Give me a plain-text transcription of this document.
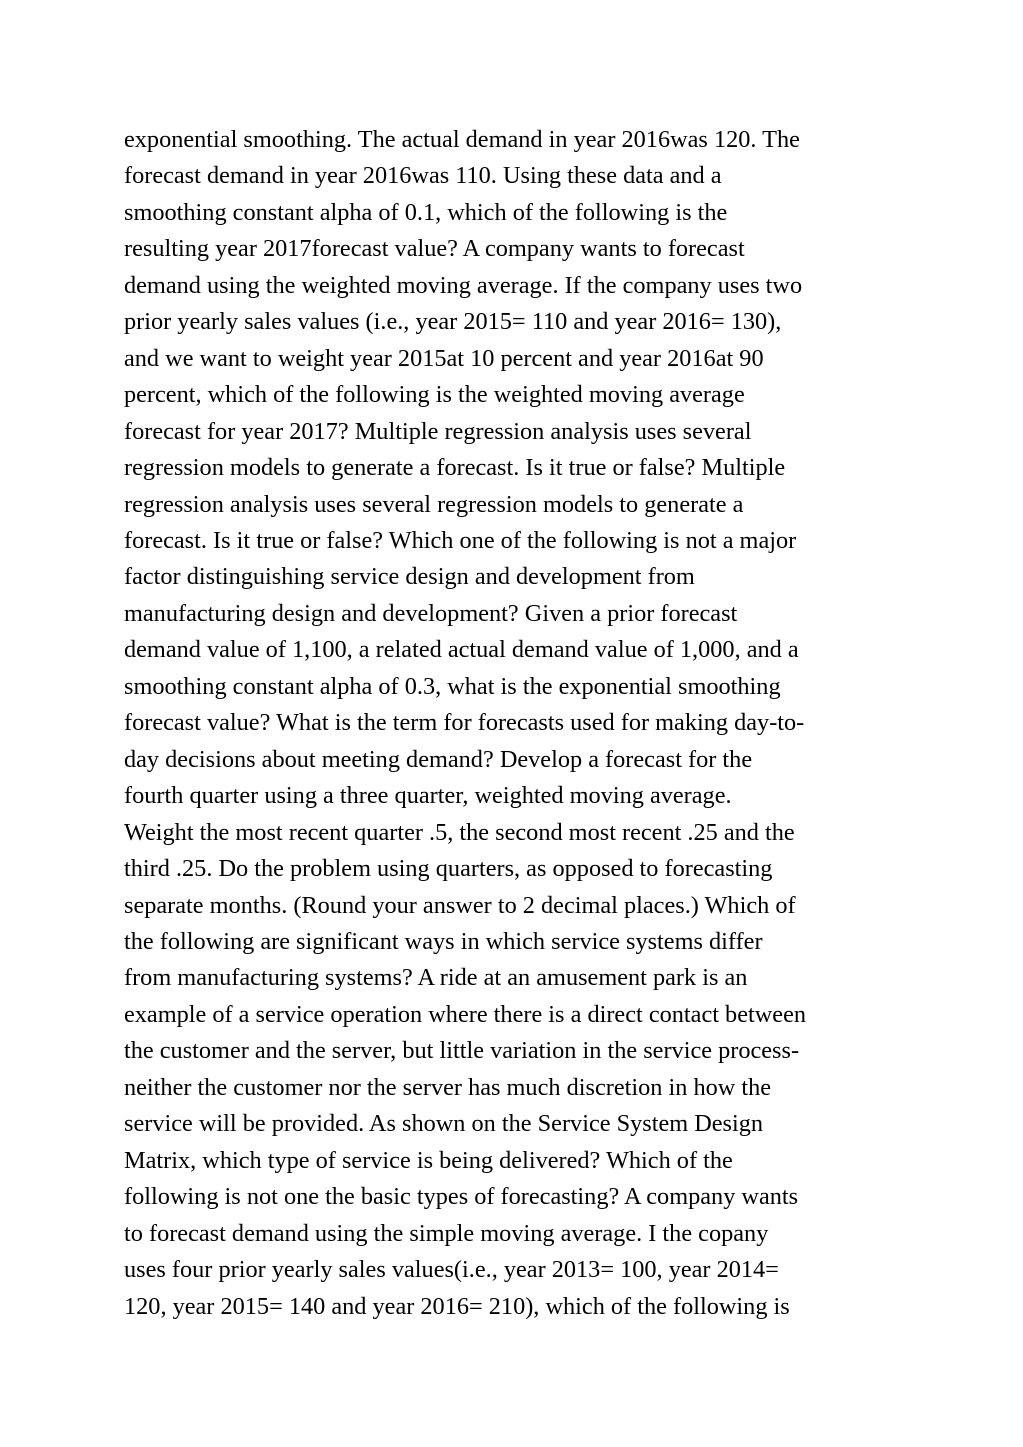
exponential smoothing. The actual demand in year 2016was 120. The
forecast demand in year 2016was 110. Using these data and a
smoothing constant alpha of 0.1, which of the following is the
resulting year 2017forecast value? A company wants to forecast
demand using the weighted moving average. If the company uses two
prior yearly sales values (i.e., year 2015= 110 and year 2016= 130),
and we want to weight year 2015at 10 percent and year 2016at 90
percent, which of the following is the weighted moving average
forecast for year 2017? Multiple regression analysis uses several
regression models to generate a forecast. Is it true or false? Multiple
regression analysis uses several regression models to generate a
forecast. Is it true or false? Which one of the following is not a major
factor distinguishing service design and development from
manufacturing design and development? Given a prior forecast
demand value of 1,100, a related actual demand value of 1,000, and a
smoothing constant alpha of 0.3, what is the exponential smoothing
forecast value? What is the term for forecasts used for making day-to-
day decisions about meeting demand? Develop a forecast for the
fourth quarter using a three quarter, weighted moving average.
Weight the most recent quarter .5, the second most recent .25 and the
third .25. Do the problem using quarters, as opposed to forecasting
separate months. (Round your answer to 2 decimal places.) Which of
the following are significant ways in which service systems differ
from manufacturing systems? A ride at an amusement park is an
example of a service operation where there is a direct contact between
the customer and the server, but little variation in the service process-
neither the customer nor the server has much discretion in how the
service will be provided. As shown on the Service System Design
Matrix, which type of service is being delivered? Which of the
following is not one the basic types of forecasting? A company wants
to forecast demand using the simple moving average. I the copany
uses four prior yearly sales values(i.e., year 2013= 100, year 2014=
120, year 2015= 140 and year 2016= 210), which of the following is
